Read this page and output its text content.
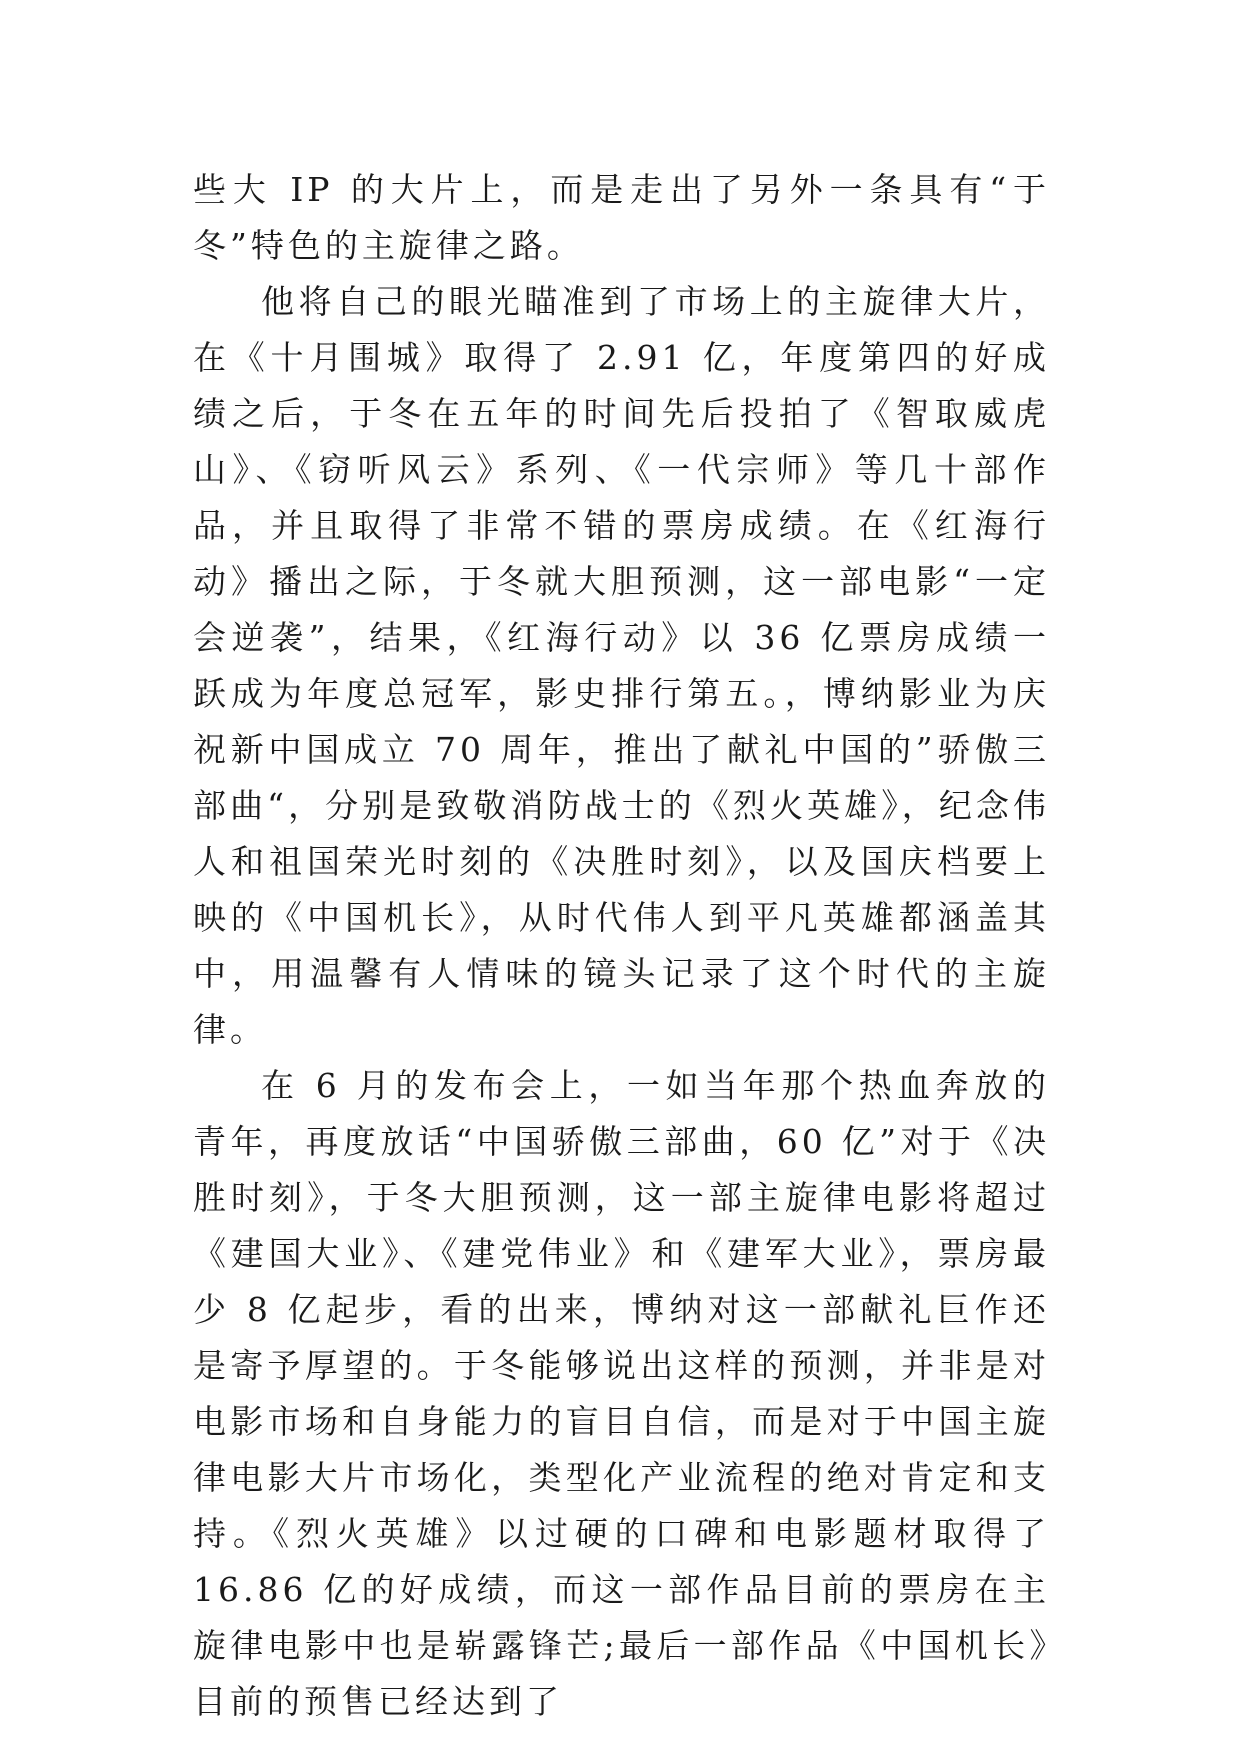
些大 IP 的大片上，而是走出了另外一条具有“于冬”特色的主旋律之路。

他将自己的眼光瞄准到了市场上的主旋律大片，在《十月围城》取得了 2.91 亿，年度第四的好成绩之后，于冬在五年的时间先后投拍了《智取威虎山》、《窃听风云》系列、《一代宗师》等几十部作品，并且取得了非常不错的票房成绩。在《红海行动》播出之际，于冬就大胆预测，这一部电影“一定会逆袭”，结果，《红海行动》以 36 亿票房成绩一跃成为年度总冠军，影史排行第五。，博纳影业为庆祝新中国成立 70 周年，推出了献礼中国的”骄傲三部曲“，分别是致敬消防战士的《烈火英雄》，纪念伟人和祖国荣光时刻的《决胜时刻》，以及国庆档要上映的《中国机长》，从时代伟人到平凡英雄都涵盖其中，用温馨有人情味的镜头记录了这个时代的主旋律。

在 6 月的发布会上，一如当年那个热血奔放的青年，再度放话“中国骄傲三部曲，60 亿”对于《决胜时刻》，于冬大胆预测，这一部主旋律电影将超过《建国大业》、《建党伟业》和《建军大业》，票房最少 8 亿起步，看的出来，博纳对这一部献礼巨作还是寄予厚望的。于冬能够说出这样的预测，并非是对电影市场和自身能力的盲目自信，而是对于中国主旋律电影大片市场化，类型化产业流程的绝对肯定和支持。《烈火英雄》以过硬的口碑和电影题材取得了 16.86 亿的好成绩，而这一部作品目前的票房在主旋律电影中也是崭露锋芒;最后一部作品《中国机长》目前的预售已经达到了
